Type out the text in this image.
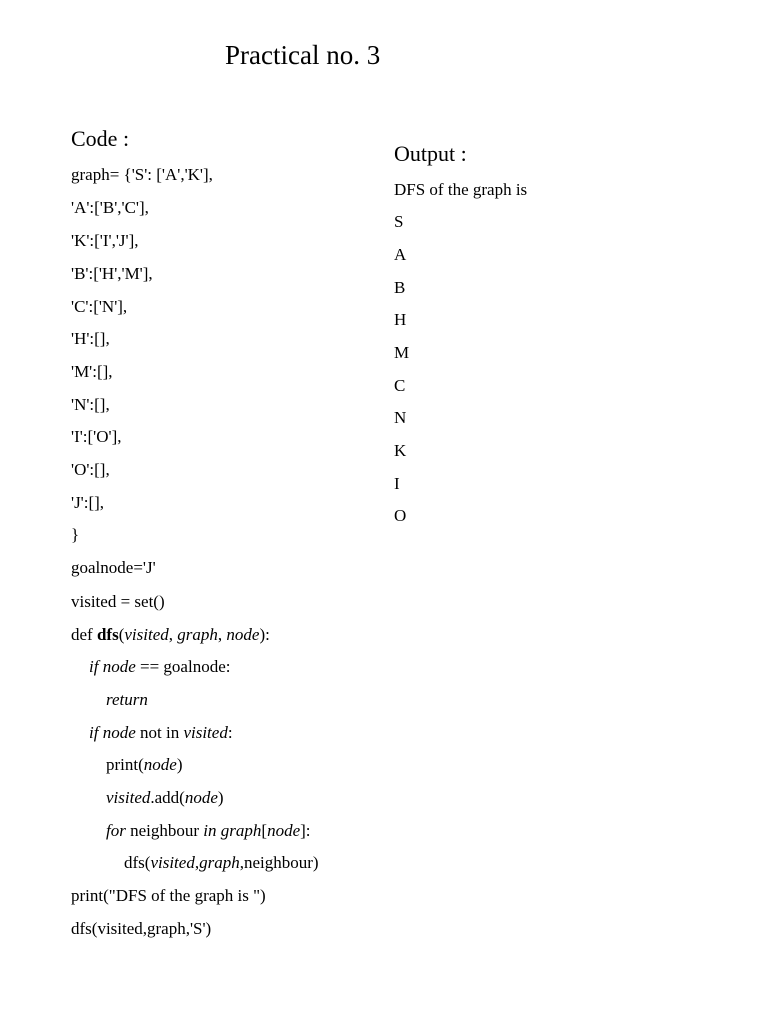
Practical no. 3
Code :
Output :
graph= {'S': ['A','K'],
'A':['B','C'],
'K':['I','J'],
'B':['H','M'],
'C':['N'],
'H':[],
'M':[],
'N':[],
'I':['O'],
'O':[],
'J':[],
}
goalnode='J'
visited = set()
def dfs(visited, graph, node):
if node == goalnode:
return
if node not in visited:
print(node)
visited.add(node)
for neighbour in graph[node]:
dfs(visited,graph,neighbour)
print("DFS of the graph is ")
dfs(visited,graph,'S')
DFS of the graph is
S
A
B
H
M
C
N
K
I
O
